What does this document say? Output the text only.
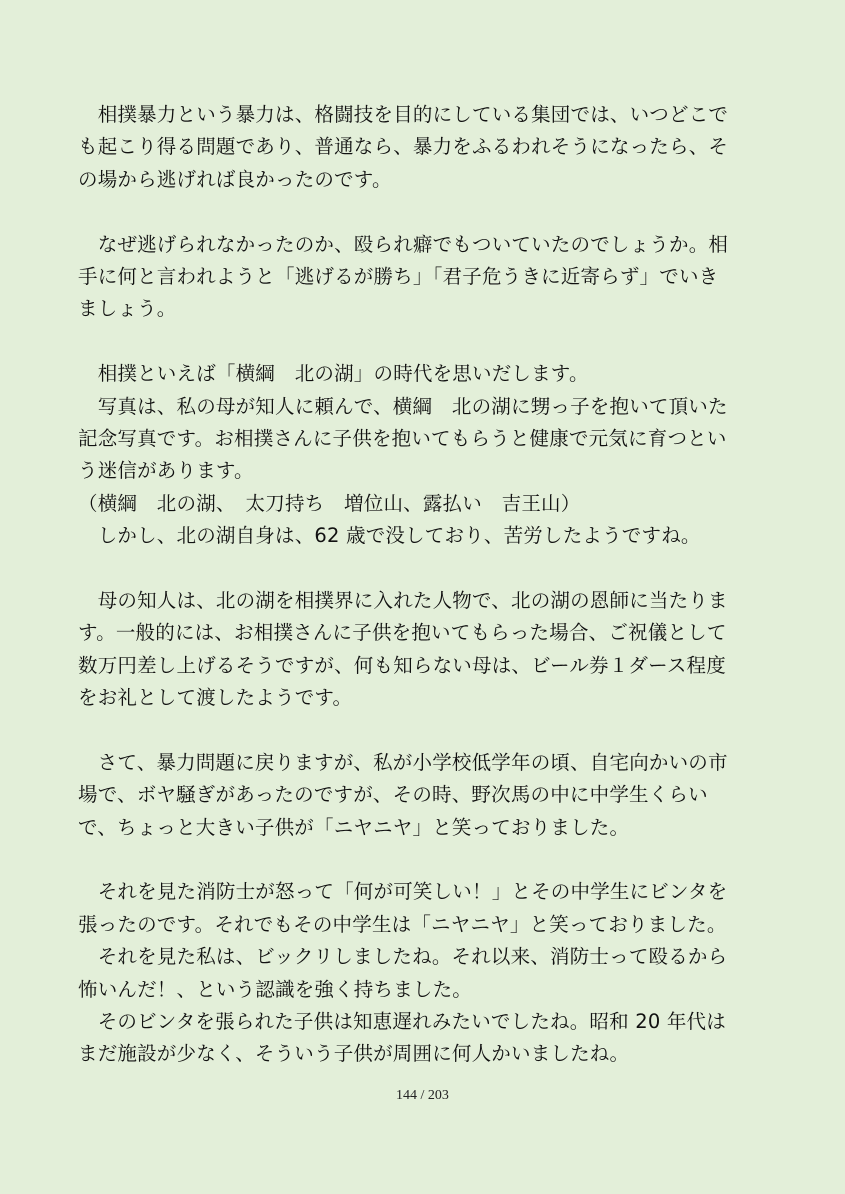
　相撲暴力という暴力は、格闘技を目的にしている集団では、いつどこで
も起こり得る問題であり、普通なら、暴力をふるわれそうになったら、そ
の場から逃げれば良かったのです。
　なぜ逃げられなかったのか、殴られ癖でもついていたのでしょうか。相
手に何と言われようと「逃げるが勝ち」「君子危うきに近寄らず」でいき
ましょう。
　相撲といえば「横綱　北の湖」の時代を思いだします。
　写真は、私の母が知人に頼んで、横綱　北の湖に甥っ子を抱いて頂いた
記念写真です。お相撲さんに子供を抱いてもらうと健康で元気に育つとい
う迷信があります。
（横綱　北の湖、　太刀持ち　増位山、露払い　吉王山）
　しかし、北の湖自身は、62 歳で没しており、苦労したようですね。
　母の知人は、北の湖を相撲界に入れた人物で、北の湖の恩師に当たりま
す。一般的には、お相撲さんに子供を抱いてもらった場合、ご祝儀として
数万円差し上げるそうですが、何も知らない母は、ビール券１ダース程度
をお礼として渡したようです。
　さて、暴力問題に戻りますが、私が小学校低学年の頃、自宅向かいの市
場で、ボヤ騒ぎがあったのですが、その時、野次馬の中に中学生くらい
で、ちょっと大きい子供が「ニヤニヤ」と笑っておりました。
　それを見た消防士が怒って「何が可笑しい！」とその中学生にビンタを
張ったのです。それでもその中学生は「ニヤニヤ」と笑っておりました。
　それを見た私は、ビックリしましたね。それ以来、消防士って殴るから
怖いんだ！、という認識を強く持ちました。
　そのビンタを張られた子供は知恵遅れみたいでしたね。昭和 20 年代は
まだ施設が少なく、そういう子供が周囲に何人かいましたね。
144 / 203
